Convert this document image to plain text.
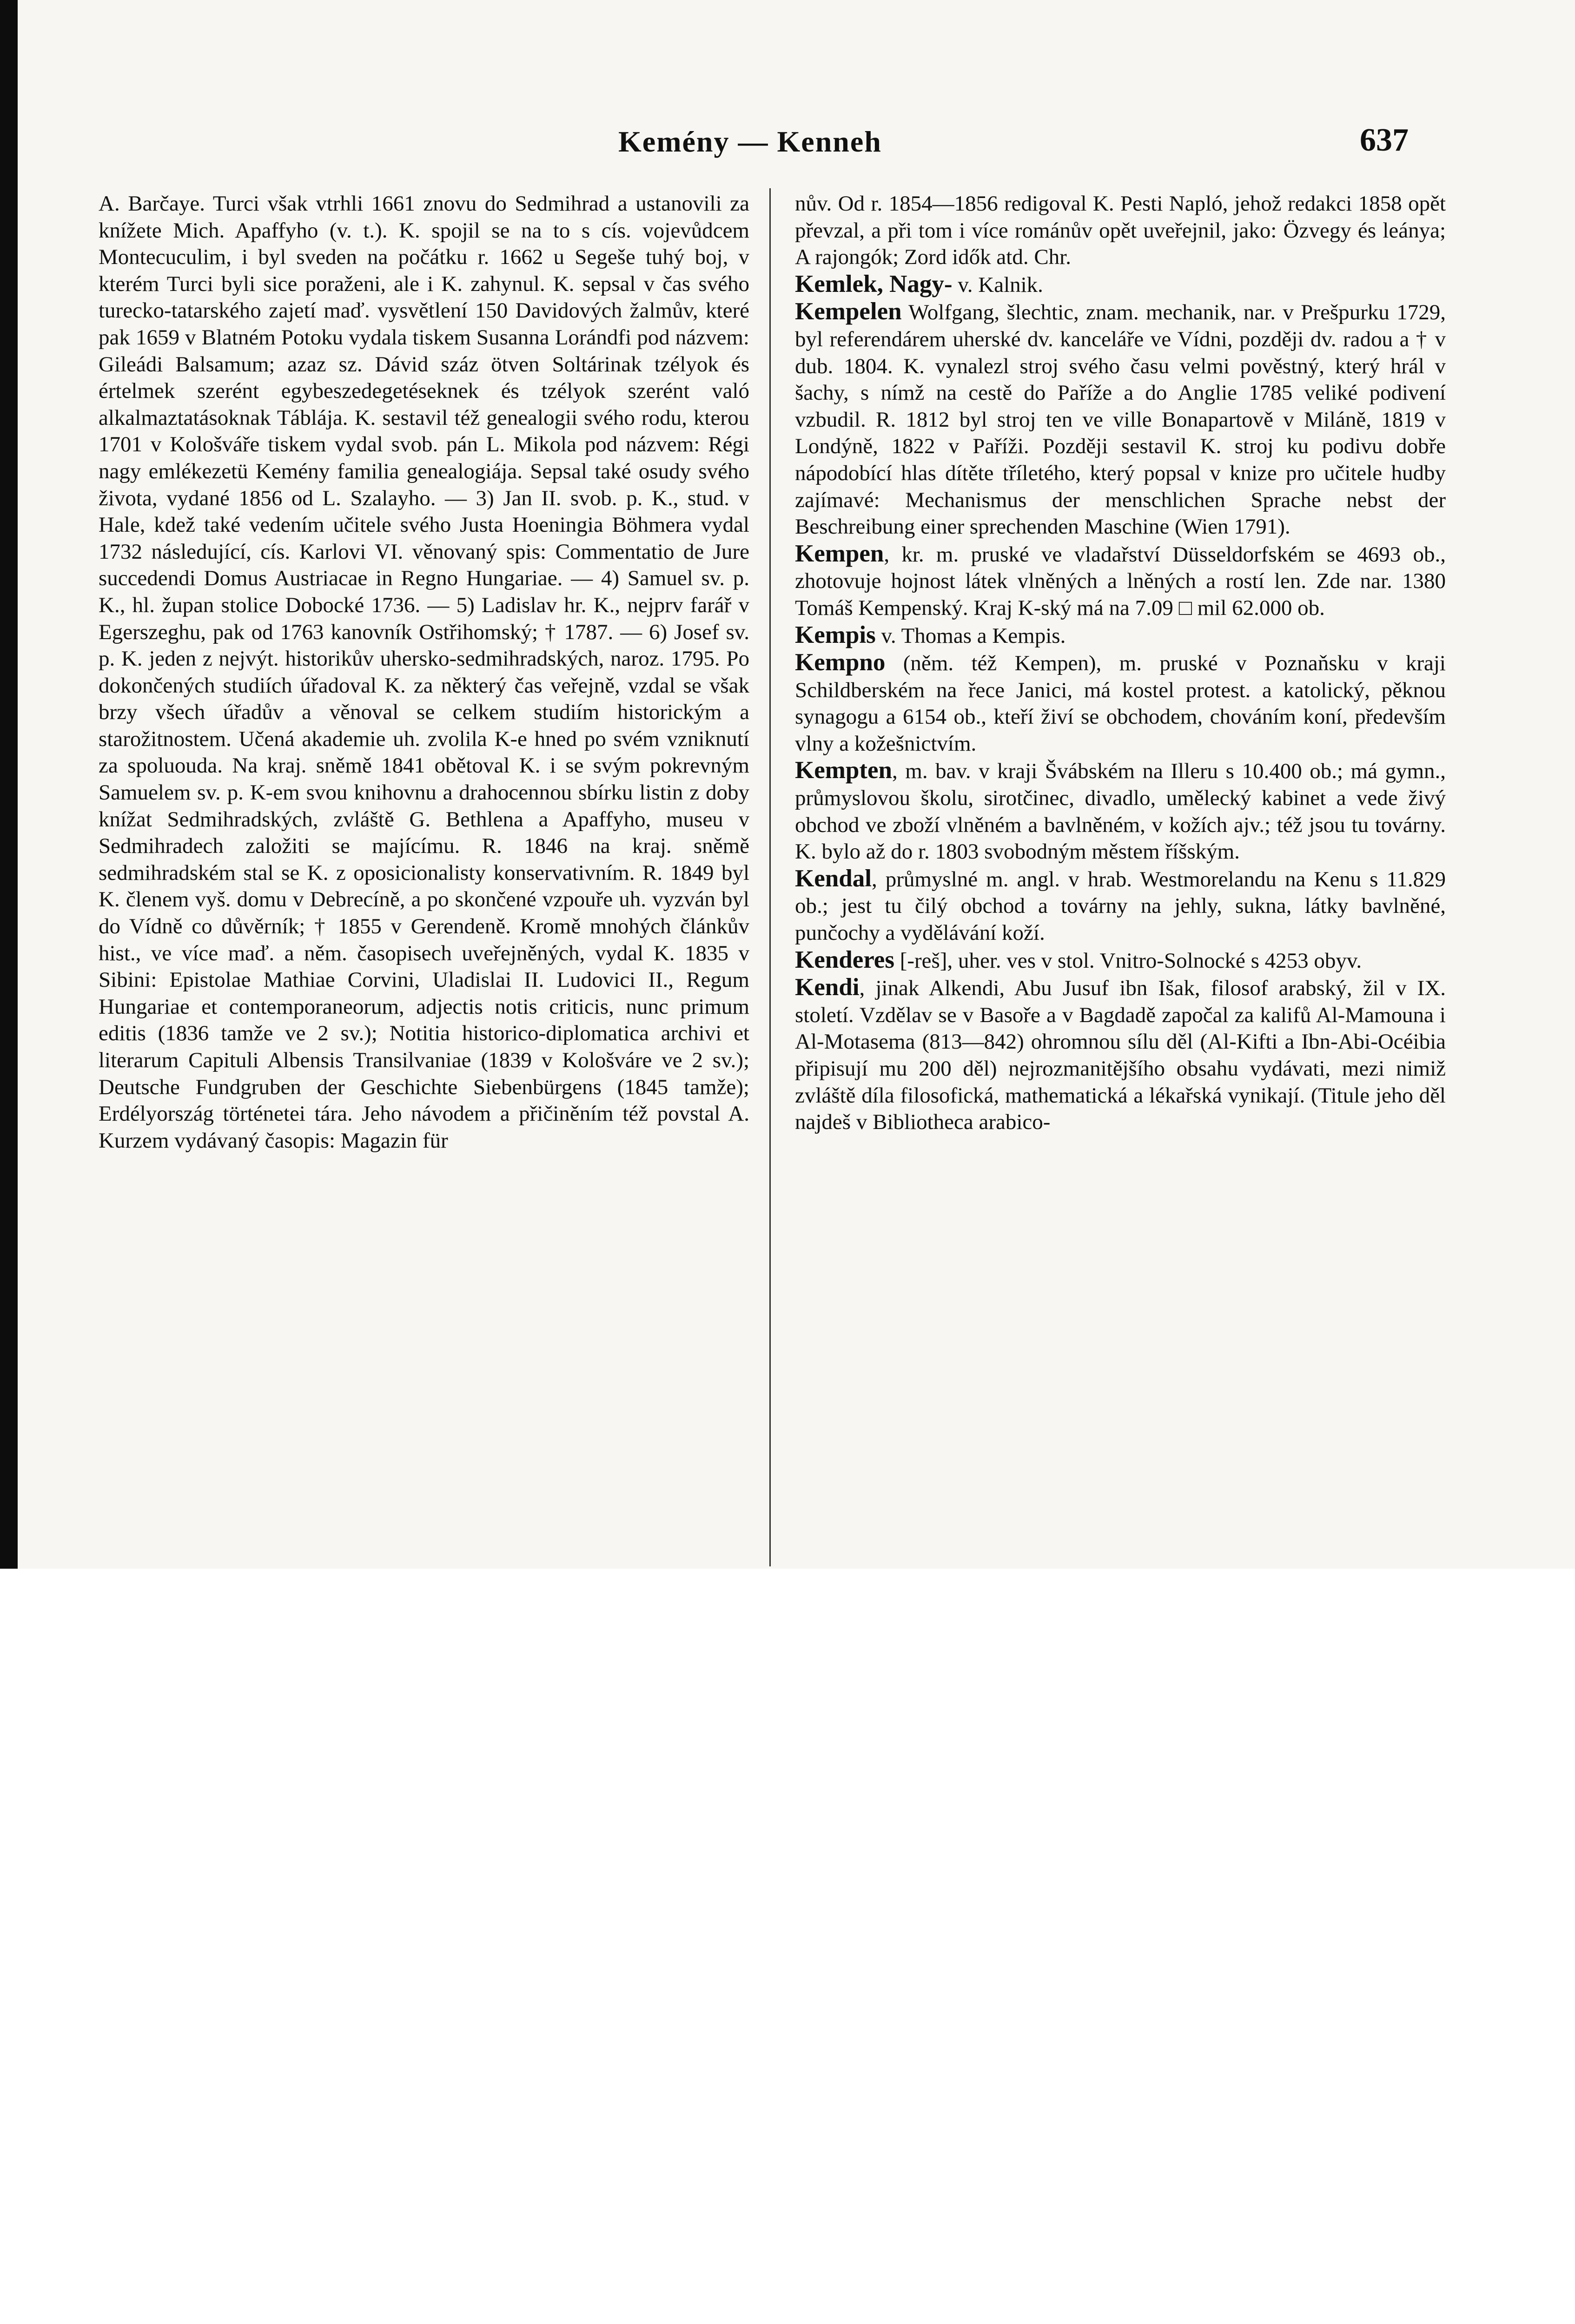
Kemény — Kenneh	637

A. Barčaye. Turci však vtrhli 1661 znovu do Sedmihrad a ustanovili za knížete Mich. Apaffyho (v. t.). K. spojil se na to s cís. vojevůdcem Montecuculim, i byl sveden na počátku r. 1662 u Segeše tuhý boj, v kterém Turci byli sice poraženi, ale i K. zahynul. K. sepsal v čas svého turecko-tatarského zajetí maď. vysvětlení 150 Davidových žalmův, které pak 1659 v Blatném Potoku vydala tiskem Susanna Lorándfi pod názvem: Gileádi Balsamum; azaz sz. Dávid száz ötven Soltárinak tzélyok és értelmek szerént egybeszedegetéseknek és tzélyok szerént való alkalmaztatásoknak Táblája. K. sestavil též genealogii svého rodu, kterou 1701 v Kološváře tiskem vydal svob. pán L. Mikola pod názvem: Régi nagy emlékezetü Kemény familia genealogiája. Sepsal také osudy svého života, vydané 1856 od L. Szalayho. — 3) Jan II. svob. p. K., stud. v Hale, kdež také vedením učitele svého Justa Hoeningia Böhmera vydal 1732 následující, cís. Karlovi VI. věnovaný spis: Commentatio de Jure succedendi Domus Austriacae in Regno Hungariae. — 4) Samuel sv. p. K., hl. župan stolice Dobocké 1736. — 5) Ladislav hr. K., nejprv farář v Egerszeghu, pak od 1763 kanovník Ostřihomský; † 1787. — 6) Josef sv. p. K. jeden z nejvýt. historikův uhersko-sedmihradských, naroz. 1795. Po dokončených studiích úřadoval K. za některý čas veřejně, vzdal se však brzy všech úřadův a věnoval se celkem studiím historickým a starožitnostem. Učená akademie uh. zvolila K-e hned po svém vzniknutí za spoluouda. Na kraj. sněmě 1841 obětoval K. i se svým pokrevným Samuelem sv. p. K-em svou knihovnu a drahocennou sbírku listin z doby knížat Sedmihradských, zvláště G. Bethlena a Apaffyho, museu v Sedmihradech založiti se majícímu. R. 1846 na kraj. sněmě sedmihradském stal se K. z oposicionalisty konservativním. R. 1849 byl K. členem vyš. domu v Debrecíně, a po skončené vzpouře uh. vyzván byl do Vídně co důvěrník; † 1855 v Gerendeně. Kromě mnohých článkův hist., ve více maď. a něm. časopisech uveřejněných, vydal K. 1835 v Sibini: Epistolae Mathiae Corvini, Uladislai II. Ludovici II., Regum Hungariae et contemporaneorum, adjectis notis criticis, nunc primum editis (1836 tamže ve 2 sv.); Notitia historico-diplomatica archivi et literarum Capituli Albensis Transilvaniae (1839 v Kološváre ve 2 sv.); Deutsche Fundgruben der Geschichte Siebenbürgens (1845 tamže); Erdélyország történetei tára. Jeho návodem a přičiněním též povstal A. Kurzem vydávaný časopis: Magazin für

nův. Od r. 1854—1856 redigoval K. Pesti Napló, jehož redakci 1858 opět převzal, a při tom i více románův opět uveřejnil, jako: Özvegy és leánya; A rajongók; Zord idők atd. Chr.

Kemlek, Nagy- v. Kalnik.

Kempelen Wolfgang, šlechtic, znam. mechanik, nar. v Prešpurku 1729, byl referendárem uherské dv. kanceláře ve Vídni, později dv. radou a † v dub. 1804. K. vynalezl stroj svého času velmi pověstný, který hrál v šachy, s nímž na cestě do Paříže a do Anglie 1785 veliké podivení vzbudil. R. 1812 byl stroj ten ve ville Bonapartově v Miláně, 1819 v Londýně, 1822 v Paříži. Později sestavil K. stroj ku podivu dobře nápodobící hlas dítěte tříletého, který popsal v knize pro učitele hudby zajímavé: Mechanismus der menschlichen Sprache nebst der Beschreibung einer sprechenden Maschine (Wien 1791).

Kempen, kr. m. pruské ve vladařství Düsseldorfském se 4693 ob., zhotovuje hojnost látek vlněných a lněných a rostí len. Zde nar. 1380 Tomáš Kempenský. Kraj K-ský má na 7.09 □ mil 62.000 ob.

Kempis v. Thomas a Kempis.

Kempno (něm. též Kempen), m. pruské v Poznaňsku v kraji Schildberském na řece Janici, má kostel protest. a katolický, pěknou synagogu a 6154 ob., kteří živí se obchodem, chováním koní, především vlny a kožešnictvím.

Kempten, m. bav. v kraji Švábském na Illeru s 10.400 ob.; má gymn., průmyslovou školu, sirotčinec, divadlo, umělecký kabinet a vede živý obchod ve zboží vlněném a bavlněném, v kožích ajv.; též jsou tu továrny. K. bylo až do r. 1803 svobodným městem říšským.

Kendal, průmyslné m. angl. v hrab. Westmorelandu na Kenu s 11.829 ob.; jest tu čilý obchod a továrny na jehly, sukna, látky bavlněné, punčochy a vydělávání koží.

Kenderes [-reš], uher. ves v stol. Vnitro-Solnocké s 4253 obyv.

Kendi, jinak Alkendi, Abu Jusuf ibn Išak, filosof arabský, žil v IX. století. Vzdělav se v Basoře a v Bagdadě započal za kalifů Al-Mamouna i Al-Motasema (813—842) ohromnou sílu děl (Al-Kifti a Ibn-Abi-Océibia připisují mu 200 děl) nejrozmanitějšího obsahu vydávati, mezi nimiž zvláště díla filosofická, mathematická a lékařská vynikají. (Titule jeho děl najdeš v Bibliotheca arabico-
